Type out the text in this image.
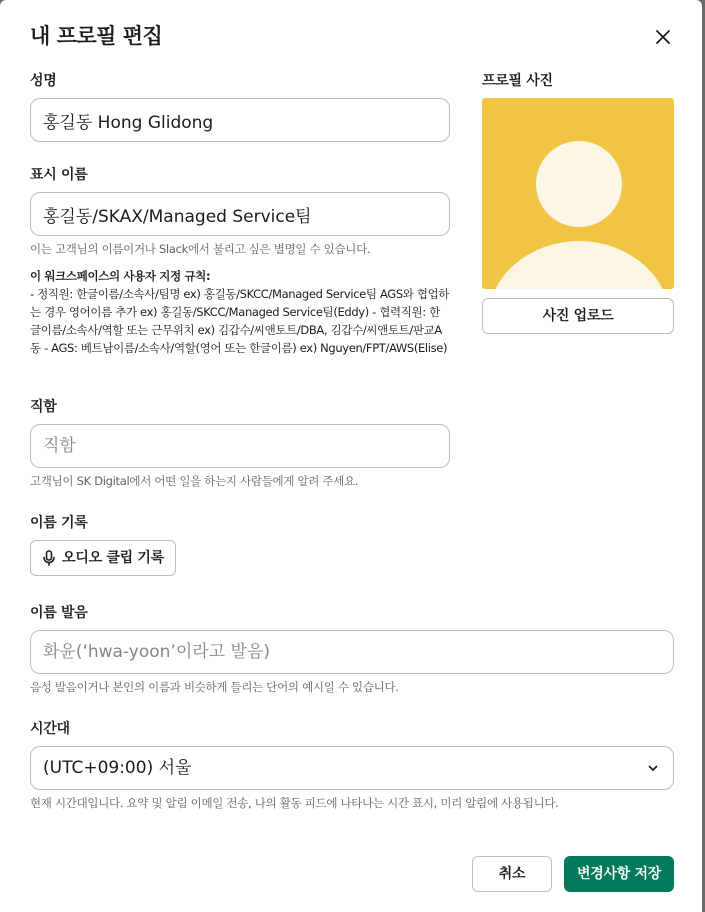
내 프로필 편집
성명
홍길동 Hong Glidong
표시 이름
홍길동/SKAX/Managed Service팀
이는 고객님의 이름이거나 Slack에서 불리고 싶은 별명일 수 있습니다.
이 워크스페이스의 사용자 지정 규칙:
- 정직원: 한글이름/소속사/팀명 ex) 홍길동/SKCC/Managed Service팀 AGS와 협업하는 경우 영어이름 추가 ex) 홍길동/SKCC/Managed Service팀(Eddy) - 협력직원: 한글이름/소속사/역할 또는 근무위치 ex) 김갑수/씨앤토트/DBA, 김갑수/씨앤토트/판교A동 - AGS: 베트남이름/소속사/역할(영어 또는 한글이름) ex) Nguyen/FPT/AWS(Elise)
직함
직함
고객님이 SK Digital에서 어떤 일을 하는지 사람들에게 알려 주세요.
이름 기록
오디오 클립 기록
이름 발음
화윤(‘hwa-yoon’이라고 발음)
음성 발음이거나 본인의 이름과 비슷하게 들리는 단어의 예시일 수 있습니다.
시간대
(UTC+09:00) 서울
현재 시간대입니다. 요약 및 알림 이메일 전송, 나의 활동 피드에 나타나는 시간 표시, 미리 알림에 사용됩니다.
프로필 사진
사진 업로드
취소	변경사항 저장
